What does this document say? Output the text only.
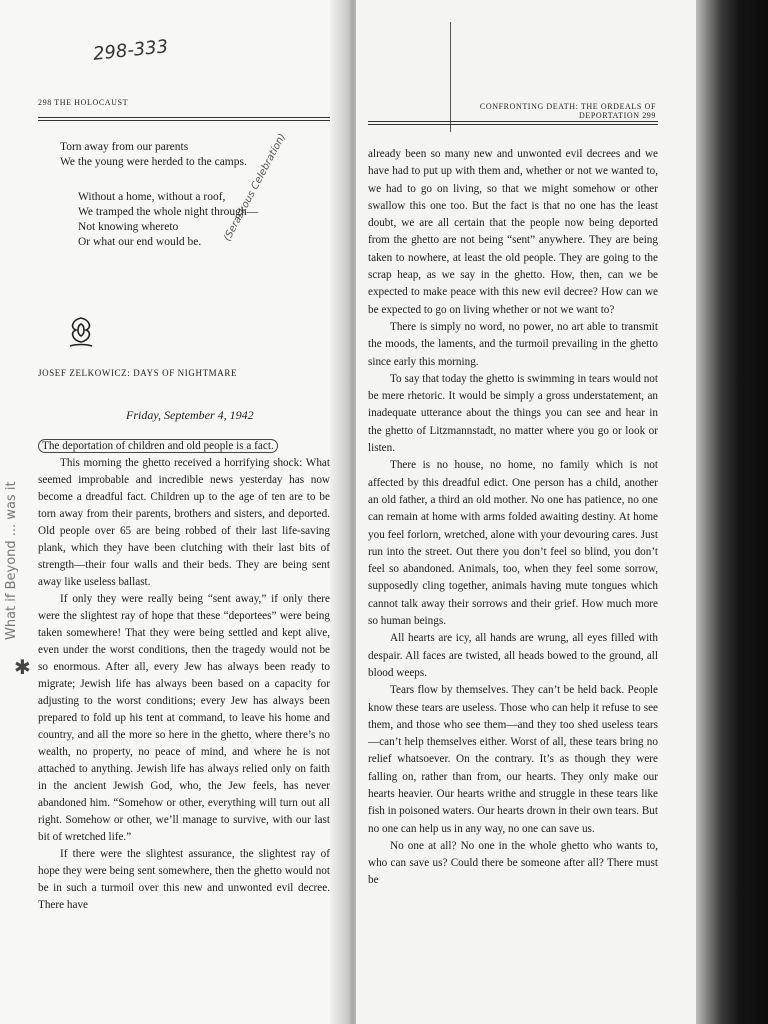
298-333

(Seraskous Celebration)

What if Beyond ... was it

✱

298 THE HOLOCAUST

Torn away from our parents
We the young were herded to the camps.
Without a home, without a roof,
We tramped the whole night through—
Not knowing whereto
Or what our end would be.

JOSEF ZELKOWICZ: DAYS OF NIGHTMARE

Friday, September 4, 1942

The deportation of children and old people is a fact.

This morning the ghetto received a horrifying shock: What seemed improbable and incredible news yesterday has now become a dreadful fact. Children up to the age of ten are to be torn away from their parents, brothers and sisters, and deported. Old people over 65 are being robbed of their last life-saving plank, which they have been clutching with their last bits of strength—their four walls and their beds. They are being sent away like useless ballast.

If only they were really being “sent away,” if only there were the slightest ray of hope that these “deportees” were being taken somewhere! That they were being settled and kept alive, even under the worst conditions, then the tragedy would not be so enormous. After all, every Jew has always been ready to migrate; Jewish life has always been based on a capacity for adjusting to the worst conditions; every Jew has always been prepared to fold up his tent at command, to leave his home and country, and all the more so here in the ghetto, where there’s no wealth, no property, no peace of mind, and where he is not attached to anything. Jewish life has always relied only on faith in the ancient Jewish God, who, the Jew feels, has never abandoned him. “Somehow or other, everything will turn out all right. Somehow or other, we’ll manage to survive, with our last bit of wretched life.”

If there were the slightest assurance, the slightest ray of hope they were being sent somewhere, then the ghetto would not be in such a turmoil over this new and unwonted evil decree. There have

CONFRONTING DEATH: THE ORDEALS OF DEPORTATION 299

already been so many new and unwonted evil decrees and we have had to put up with them and, whether or not we wanted to, we had to go on living, so that we might somehow or other swallow this one too. But the fact is that no one has the least doubt, we are all certain that the people now being deported from the ghetto are not being “sent” anywhere. They are being taken to nowhere, at least the old people. They are going to the scrap heap, as we say in the ghetto. How, then, can we be expected to make peace with this new evil decree? How can we be expected to go on living whether or not we want to?

There is simply no word, no power, no art able to transmit the moods, the laments, and the turmoil prevailing in the ghetto since early this morning.

To say that today the ghetto is swimming in tears would not be mere rhetoric. It would be simply a gross understatement, an inadequate utterance about the things you can see and hear in the ghetto of Litzmannstadt, no matter where you go or look or listen.

There is no house, no home, no family which is not affected by this dreadful edict. One person has a child, another an old father, a third an old mother. No one has patience, no one can remain at home with arms folded awaiting destiny. At home you feel forlorn, wretched, alone with your devouring cares. Just run into the street. Out there you don’t feel so blind, you don’t feel so abandoned. Animals, too, when they feel some sorrow, supposedly cling together, animals having mute tongues which cannot talk away their sorrows and their grief. How much more so human beings.

All hearts are icy, all hands are wrung, all eyes filled with despair. All faces are twisted, all heads bowed to the ground, all blood weeps.

Tears flow by themselves. They can’t be held back. People know these tears are useless. Those who can help it refuse to see them, and those who see them—and they too shed useless tears—can’t help themselves either. Worst of all, these tears bring no relief whatsoever. On the contrary. It’s as though they were falling on, rather than from, our hearts. They only make our hearts heavier. Our hearts writhe and struggle in these tears like fish in poisoned waters. Our hearts drown in their own tears. But no one can help us in any way, no one can save us.

No one at all? No one in the whole ghetto who wants to, who can save us? Could there be someone after all? There must be
